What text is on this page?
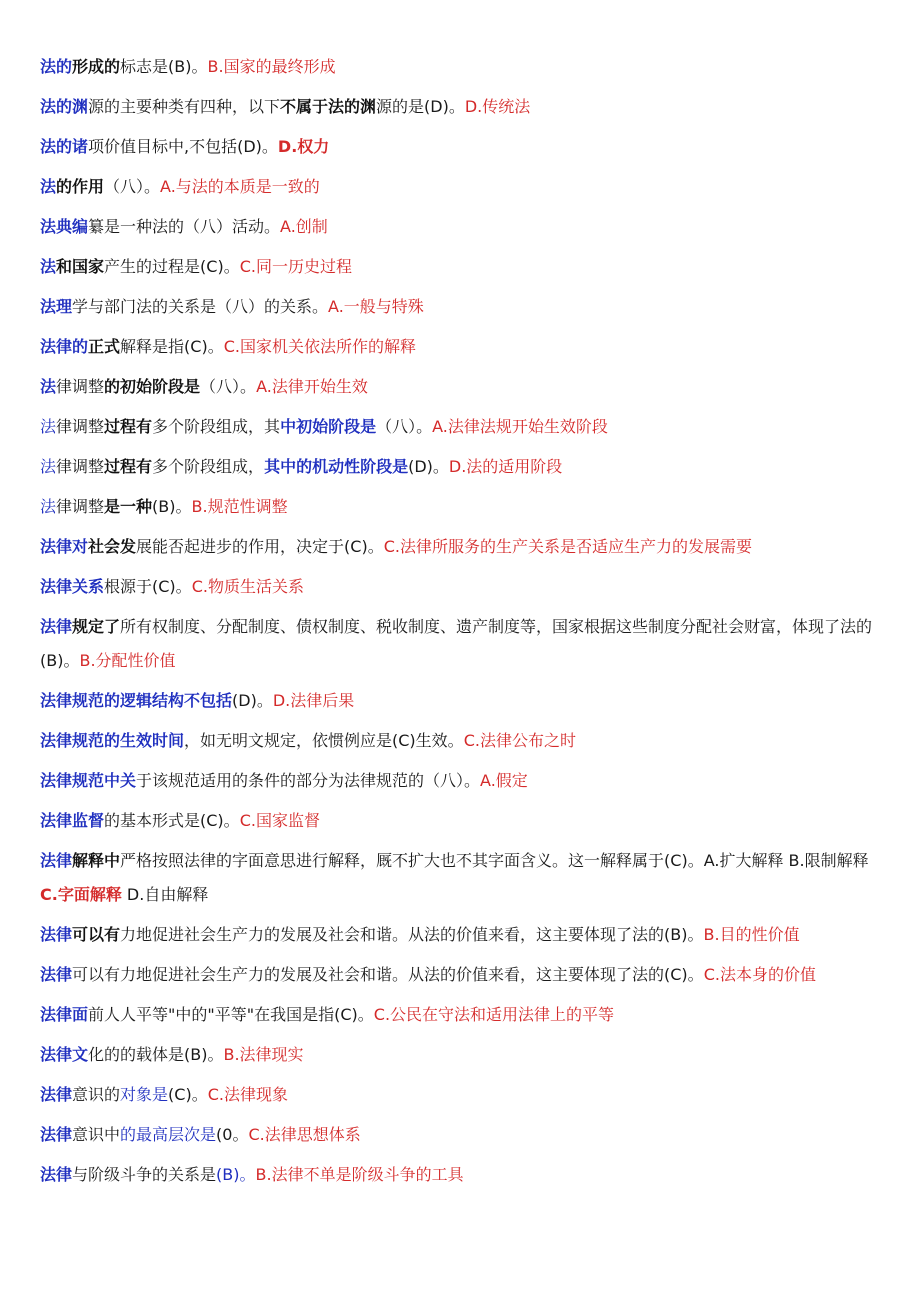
法的形成的标志是(B)。B.国家的最终形成
法的渊源的主要种类有四种，以下不属于法的渊源的是(D)。D.传统法
法的诸项价值目标中,不包括(D)。D.权力
法的作用（八）。A.与法的本质是一致的
法典编纂是一种法的（八）活动。A.创制
法和国家产生的过程是(C)。C.同一历史过程
法理学与部门法的关系是（八）的关系。A.一般与特殊
法律的正式解释是指(C)。C.国家机关依法所作的解释
法律调整的初始阶段是（八）。A.法律开始生效
法律调整过程有多个阶段组成，其中初始阶段是（八）。A.法律法规开始生效阶段
法律调整过程有多个阶段组成，其中的机动性阶段是(D)。D.法的适用阶段
法律调整是一种(B)。B.规范性调整
法律对社会发展能否起进步的作用，决定于(C)。C.法律所服务的生产关系是否适应生产力的发展需要
法律关系根源于(C)。C.物质生活关系
法律规定了所有权制度、分配制度、债权制度、税收制度、遗产制度等，国家根据这些制度分配社会财富，体现了法的(B)。B.分配性价值
法律规范的逻辑结构不包括(D)。D.法律后果
法律规范的生效时间，如无明文规定，依惯例应是(C)生效。C.法律公布之时
法律规范中关于该规范适用的条件的部分为法律规范的（八）。A.假定
法律监督的基本形式是(C)。C.国家监督
法律解释中严格按照法律的字面意思进行解释，厩不扩大也不其字面含义。这一解释属于(C)。A.扩大解释 B.限制解释 C.字面解释 D.自由解释
法律可以有力地促进社会生产力的发展及社会和谐。从法的价值来看，这主要体现了法的(B)。B.目的性价值
法律可以有力地促进社会生产力的发展及社会和谐。从法的价值来看，这主要体现了法的(C)。C.法本身的价值
法律面前人人平等"中的"平等"在我国是指(C)。C.公民在守法和适用法律上的平等
法律文化的的载体是(B)。B.法律现实
法律意识的对象是(C)。C.法律现象
法律意识中的最高层次是(0。C.法律思想体系
法律与阶级斗争的关系是(B)。B.法律不单是阶级斗争的工具
